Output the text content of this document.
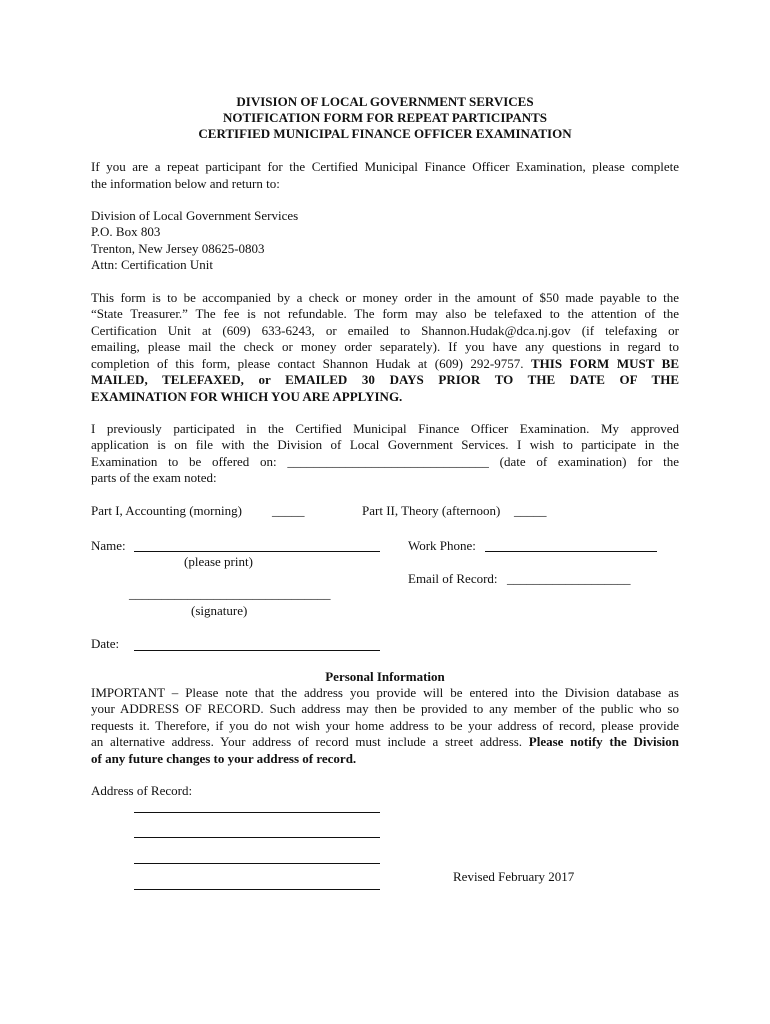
DIVISION OF LOCAL GOVERNMENT SERVICES
NOTIFICATION FORM FOR REPEAT PARTICIPANTS
CERTIFIED MUNICIPAL FINANCE OFFICER EXAMINATION
If you are a repeat participant for the Certified Municipal Finance Officer Examination, please complete
the information below and return to:
Division of Local Government Services
P.O. Box 803
Trenton, New Jersey 08625-0803
Attn: Certification Unit
This form is to be accompanied by a check or money order in the amount of $50 made payable to the
“State Treasurer.” The fee is not refundable. The form may also be telefaxed to the attention of the
Certification Unit at (609) 633-6243, or emailed to Shannon.Hudak@dca.nj.gov (if telefaxing or
emailing, please mail the check or money order separately). If you have any questions in regard to
completion of this form, please contact Shannon Hudak at (609) 292-9757. THIS FORM MUST BE
MAILED, TELEFAXED, or EMAILED 30 DAYS PRIOR TO THE DATE OF THE
EXAMINATION FOR WHICH YOU ARE APPLYING.
I previously participated in the Certified Municipal Finance Officer Examination. My approved
application is on file with the Division of Local Government Services. I wish to participate in the
Examination to be offered on: _______________________________ (date of examination) for the
parts of the exam noted:
Part I, Accounting (morning) _____	Part II, Theory (afternoon) _____
Name:
(please print)
Work Phone:
Email of Record: ___________________
_______________________________
(signature)
Date:
Personal Information
IMPORTANT – Please note that the address you provide will be entered into the Division database as
your ADDRESS OF RECORD. Such address may then be provided to any member of the public who so
requests it. Therefore, if you do not wish your home address to be your address of record, please provide
an alternative address. Your address of record must include a street address. Please notify the Division
of any future changes to your address of record.
Address of Record:
Revised February 2017
